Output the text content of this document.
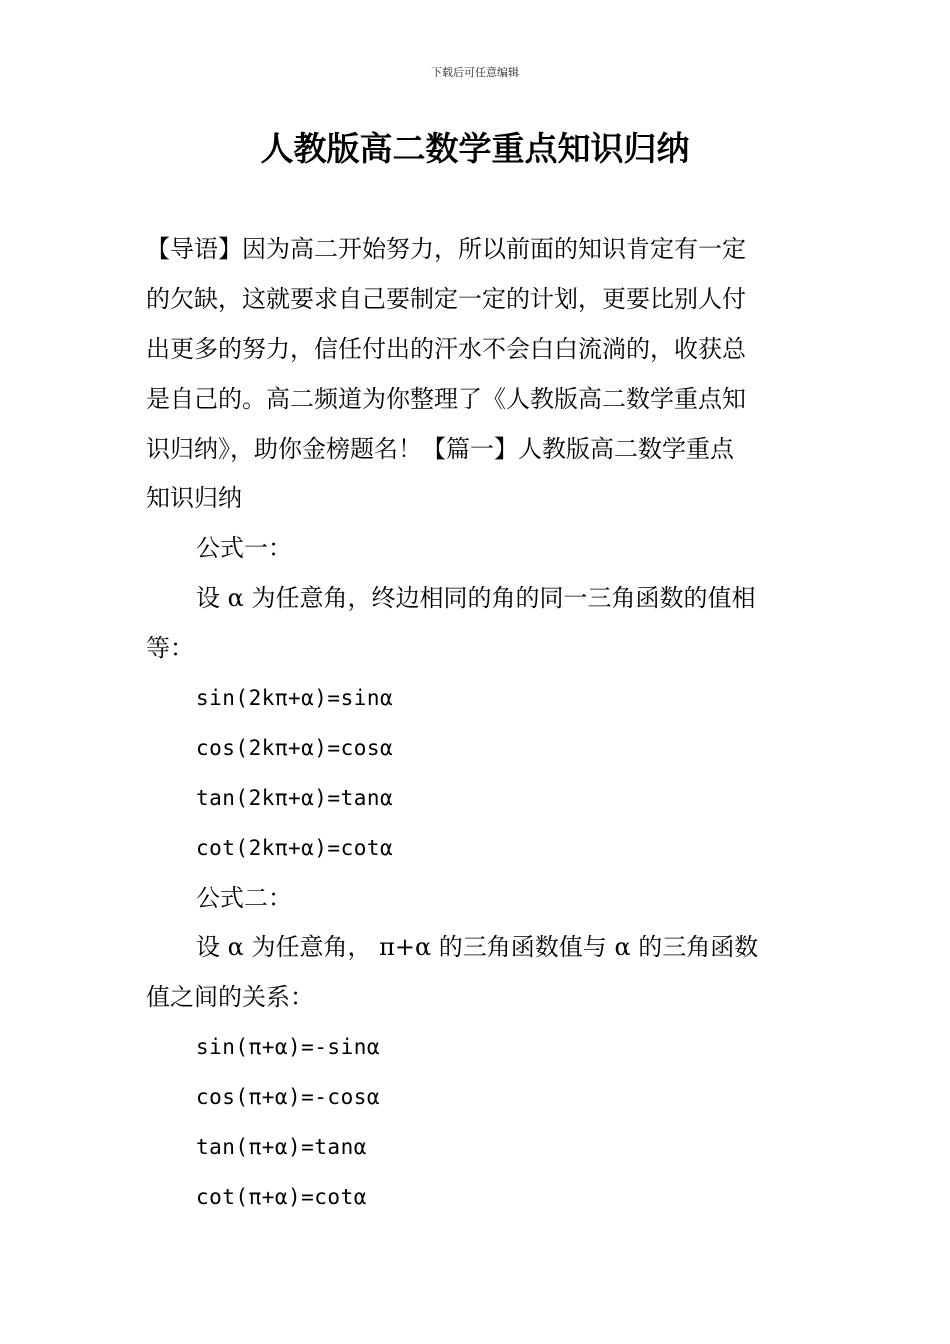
下载后可任意编辑
人教版高二数学重点知识归纳
【导语】因为高二开始努力，所以前面的知识肯定有一定
的欠缺，这就要求自己要制定一定的计划，更要比别人付
出更多的努力，信任付出的汗水不会白白流淌的，收获总
是自己的。高二频道为你整理了《人教版高二数学重点知
识归纳》，助你金榜题名！【篇一】人教版高二数学重点
知识归纳
公式一：
设 α 为任意角，终边相同的角的同一三角函数的值相
等：
sin(2kπ+α)=sinα
cos(2kπ+α)=cosα
tan(2kπ+α)=tanα
cot(2kπ+α)=cotα
公式二：
设 α 为任意角， π+α 的三角函数值与 α 的三角函数
值之间的关系：
sin(π+α)=-sinα
cos(π+α)=-cosα
tan(π+α)=tanα
cot(π+α)=cotα
